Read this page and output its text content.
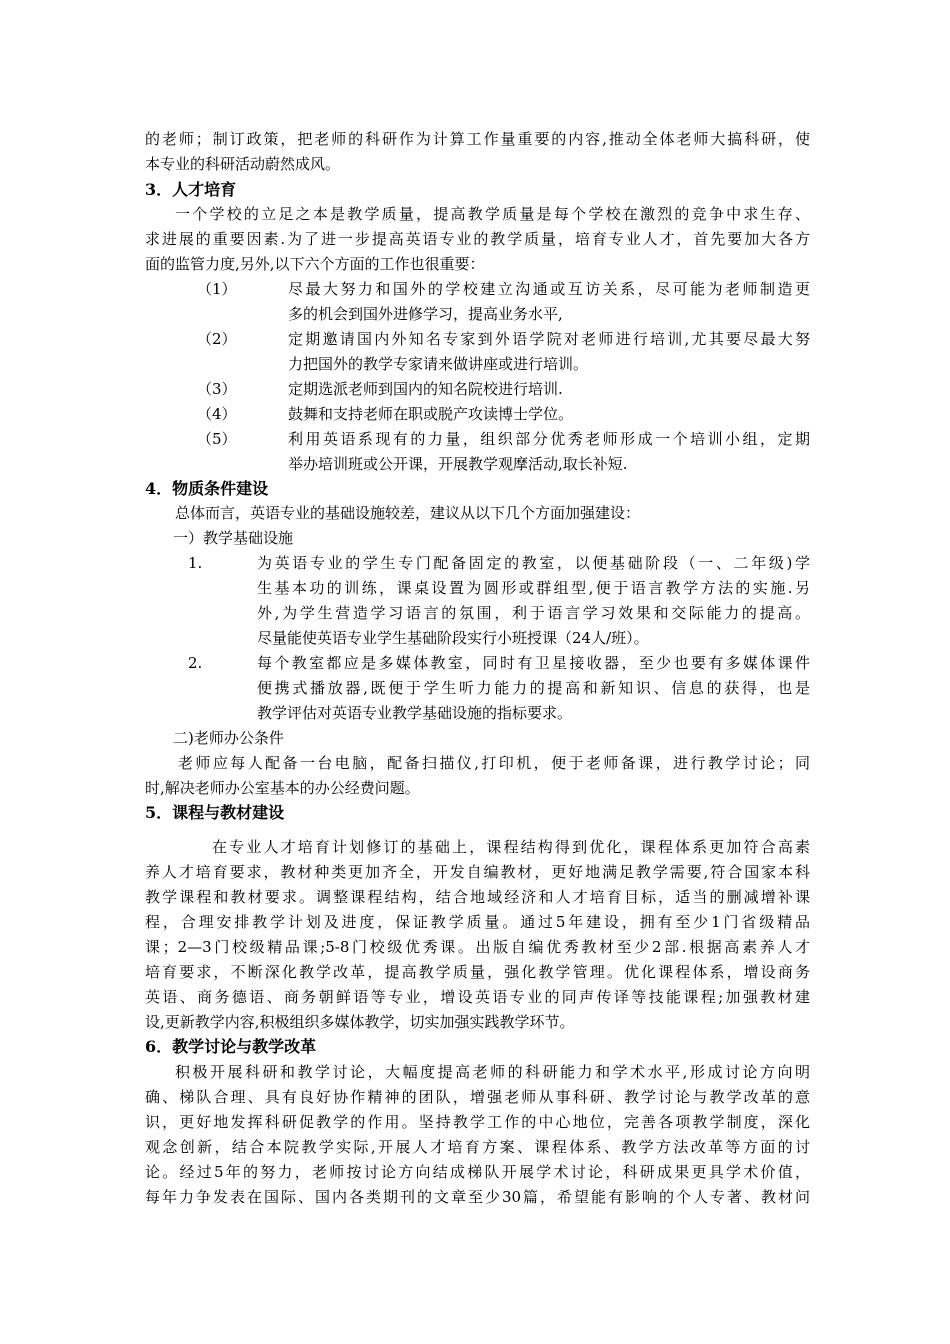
的老师；制订政策，把老师的科研作为计算工作量重要的内容,推动全体老师大搞科研，使
本专业的科研活动蔚然成风。
3．人才培育
一个学校的立足之本是教学质量，提高教学质量是每个学校在激烈的竞争中求生存、
求进展的重要因素.为了进一步提高英语专业的教学质量，培育专业人才，首先要加大各方
面的监管力度,另外,以下六个方面的工作也很重要：
（1）	尽最大努力和国外的学校建立沟通或互访关系，尽可能为老师制造更
多的机会到国外进修学习，提高业务水平,
（2）	定期邀请国内外知名专家到外语学院对老师进行培训,尤其要尽最大努
力把国外的教学专家请来做讲座或进行培训。
（3）	定期选派老师到国内的知名院校进行培训.
（4）	鼓舞和支持老师在职或脱产攻读博士学位。
（5）	利用英语系现有的力量，组织部分优秀老师形成一个培训小组，定期
举办培训班或公开课，开展教学观摩活动,取长补短.
4．物质条件建设
总体而言，英语专业的基础设施较差，建议从以下几个方面加强建设：
一）教学基础设施
1.	为英语专业的学生专门配备固定的教室，以便基础阶段（一、二年级)学
生基本功的训练，课桌设置为圆形或群组型,便于语言教学方法的实施.另
外,为学生营造学习语言的氛围，利于语言学习效果和交际能力的提高。
尽量能使英语专业学生基础阶段实行小班授课（24人/班）。
2.	每个教室都应是多媒体教室，同时有卫星接收器，至少也要有多媒体课件
便携式播放器,既便于学生听力能力的提高和新知识、信息的获得，也是
教学评估对英语专业教学基础设施的指标要求。
二)老师办公条件
老师应每人配备一台电脑，配备扫描仪,打印机，便于老师备课，进行教学讨论；同
时,解决老师办公室基本的办公经费问题。
5．课程与教材建设
在专业人才培育计划修订的基础上，课程结构得到优化，课程体系更加符合高素
养人才培育要求，教材种类更加齐全，开发自编教材，更好地满足教学需要,符合国家本科
教学课程和教材要求。调整课程结构，结合地域经济和人才培育目标，适当的删减增补课
程，合理安排教学计划及进度，保证教学质量。通过5年建设，拥有至少1门省级精品
课；2—3门校级精品课;5-8门校级优秀课。出版自编优秀教材至少2部.根据高素养人才
培育要求，不断深化教学改革，提高教学质量，强化教学管理。优化课程体系，增设商务
英语、商务德语、商务朝鲜语等专业，增设英语专业的同声传译等技能课程;加强教材建
设,更新教学内容,积极组织多媒体教学，切实加强实践教学环节。
6．教学讨论与教学改革
积极开展科研和教学讨论，大幅度提高老师的科研能力和学术水平,形成讨论方向明
确、梯队合理、具有良好协作精神的团队，增强老师从事科研、教学讨论与教学改革的意
识，更好地发挥科研促教学的作用。坚持教学工作的中心地位，完善各项教学制度，深化
观念创新，结合本院教学实际,开展人才培育方案、课程体系、教学方法改革等方面的讨
论。经过5年的努力，老师按讨论方向结成梯队开展学术讨论，科研成果更具学术价值，
每年力争发表在国际、国内各类期刊的文章至少30篇，希望能有影响的个人专著、教材问
